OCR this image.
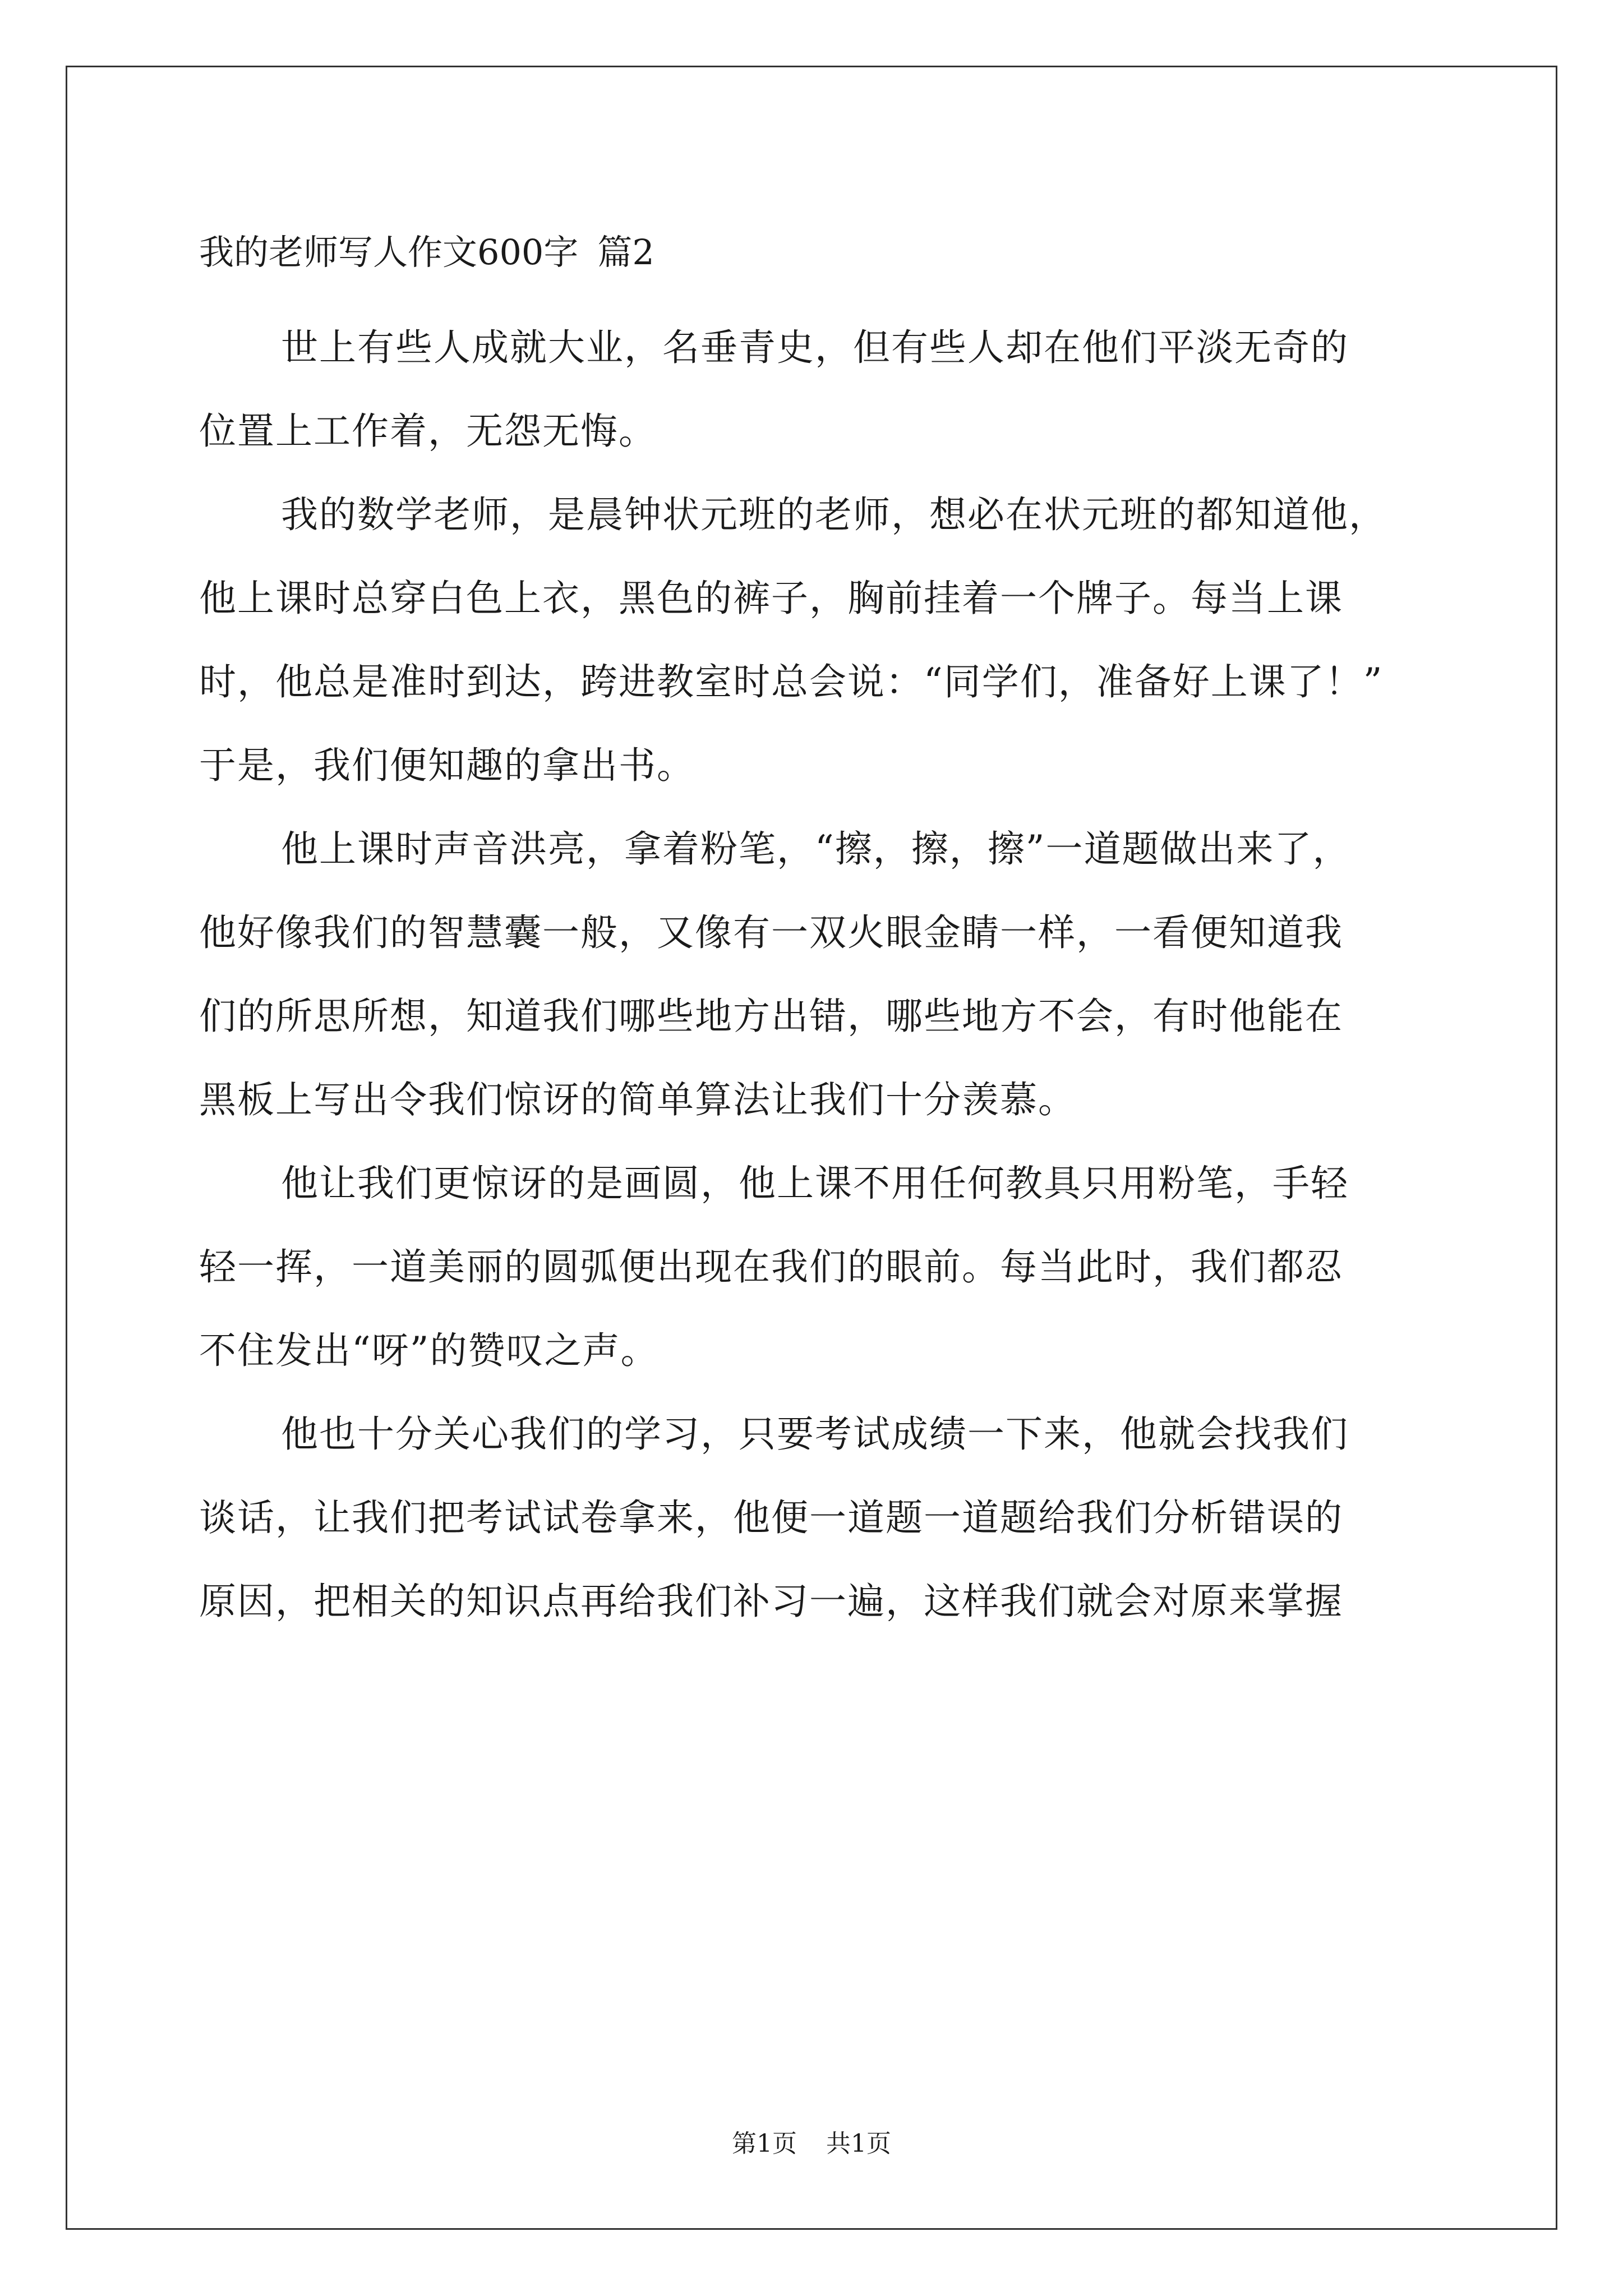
我的老师写人作文600字 篇2

世上有些人成就大业，名垂青史，但有些人却在他们平淡无奇的
位置上工作着，无怨无悔。

我的数学老师，是晨钟状元班的老师，想必在状元班的都知道他，
他上课时总穿白色上衣，黑色的裤子，胸前挂着一个牌子。每当上课
时，他总是准时到达，跨进教室时总会说：“同学们，准备好上课了！”
于是，我们便知趣的拿出书。

他上课时声音洪亮，拿着粉笔，“擦，擦，擦”一道题做出来了，
他好像我们的智慧囊一般，又像有一双火眼金睛一样，一看便知道我
们的所思所想，知道我们哪些地方出错，哪些地方不会，有时他能在
黑板上写出令我们惊讶的简单算法让我们十分羡慕。

他让我们更惊讶的是画圆，他上课不用任何教具只用粉笔，手轻
轻一挥，一道美丽的圆弧便出现在我们的眼前。每当此时，我们都忍
不住发出“呀”的赞叹之声。

他也十分关心我们的学习，只要考试成绩一下来，他就会找我们
谈话，让我们把考试试卷拿来，他便一道题一道题给我们分析错误的
原因，把相关的知识点再给我们补习一遍，这样我们就会对原来掌握

第1页 共1页
